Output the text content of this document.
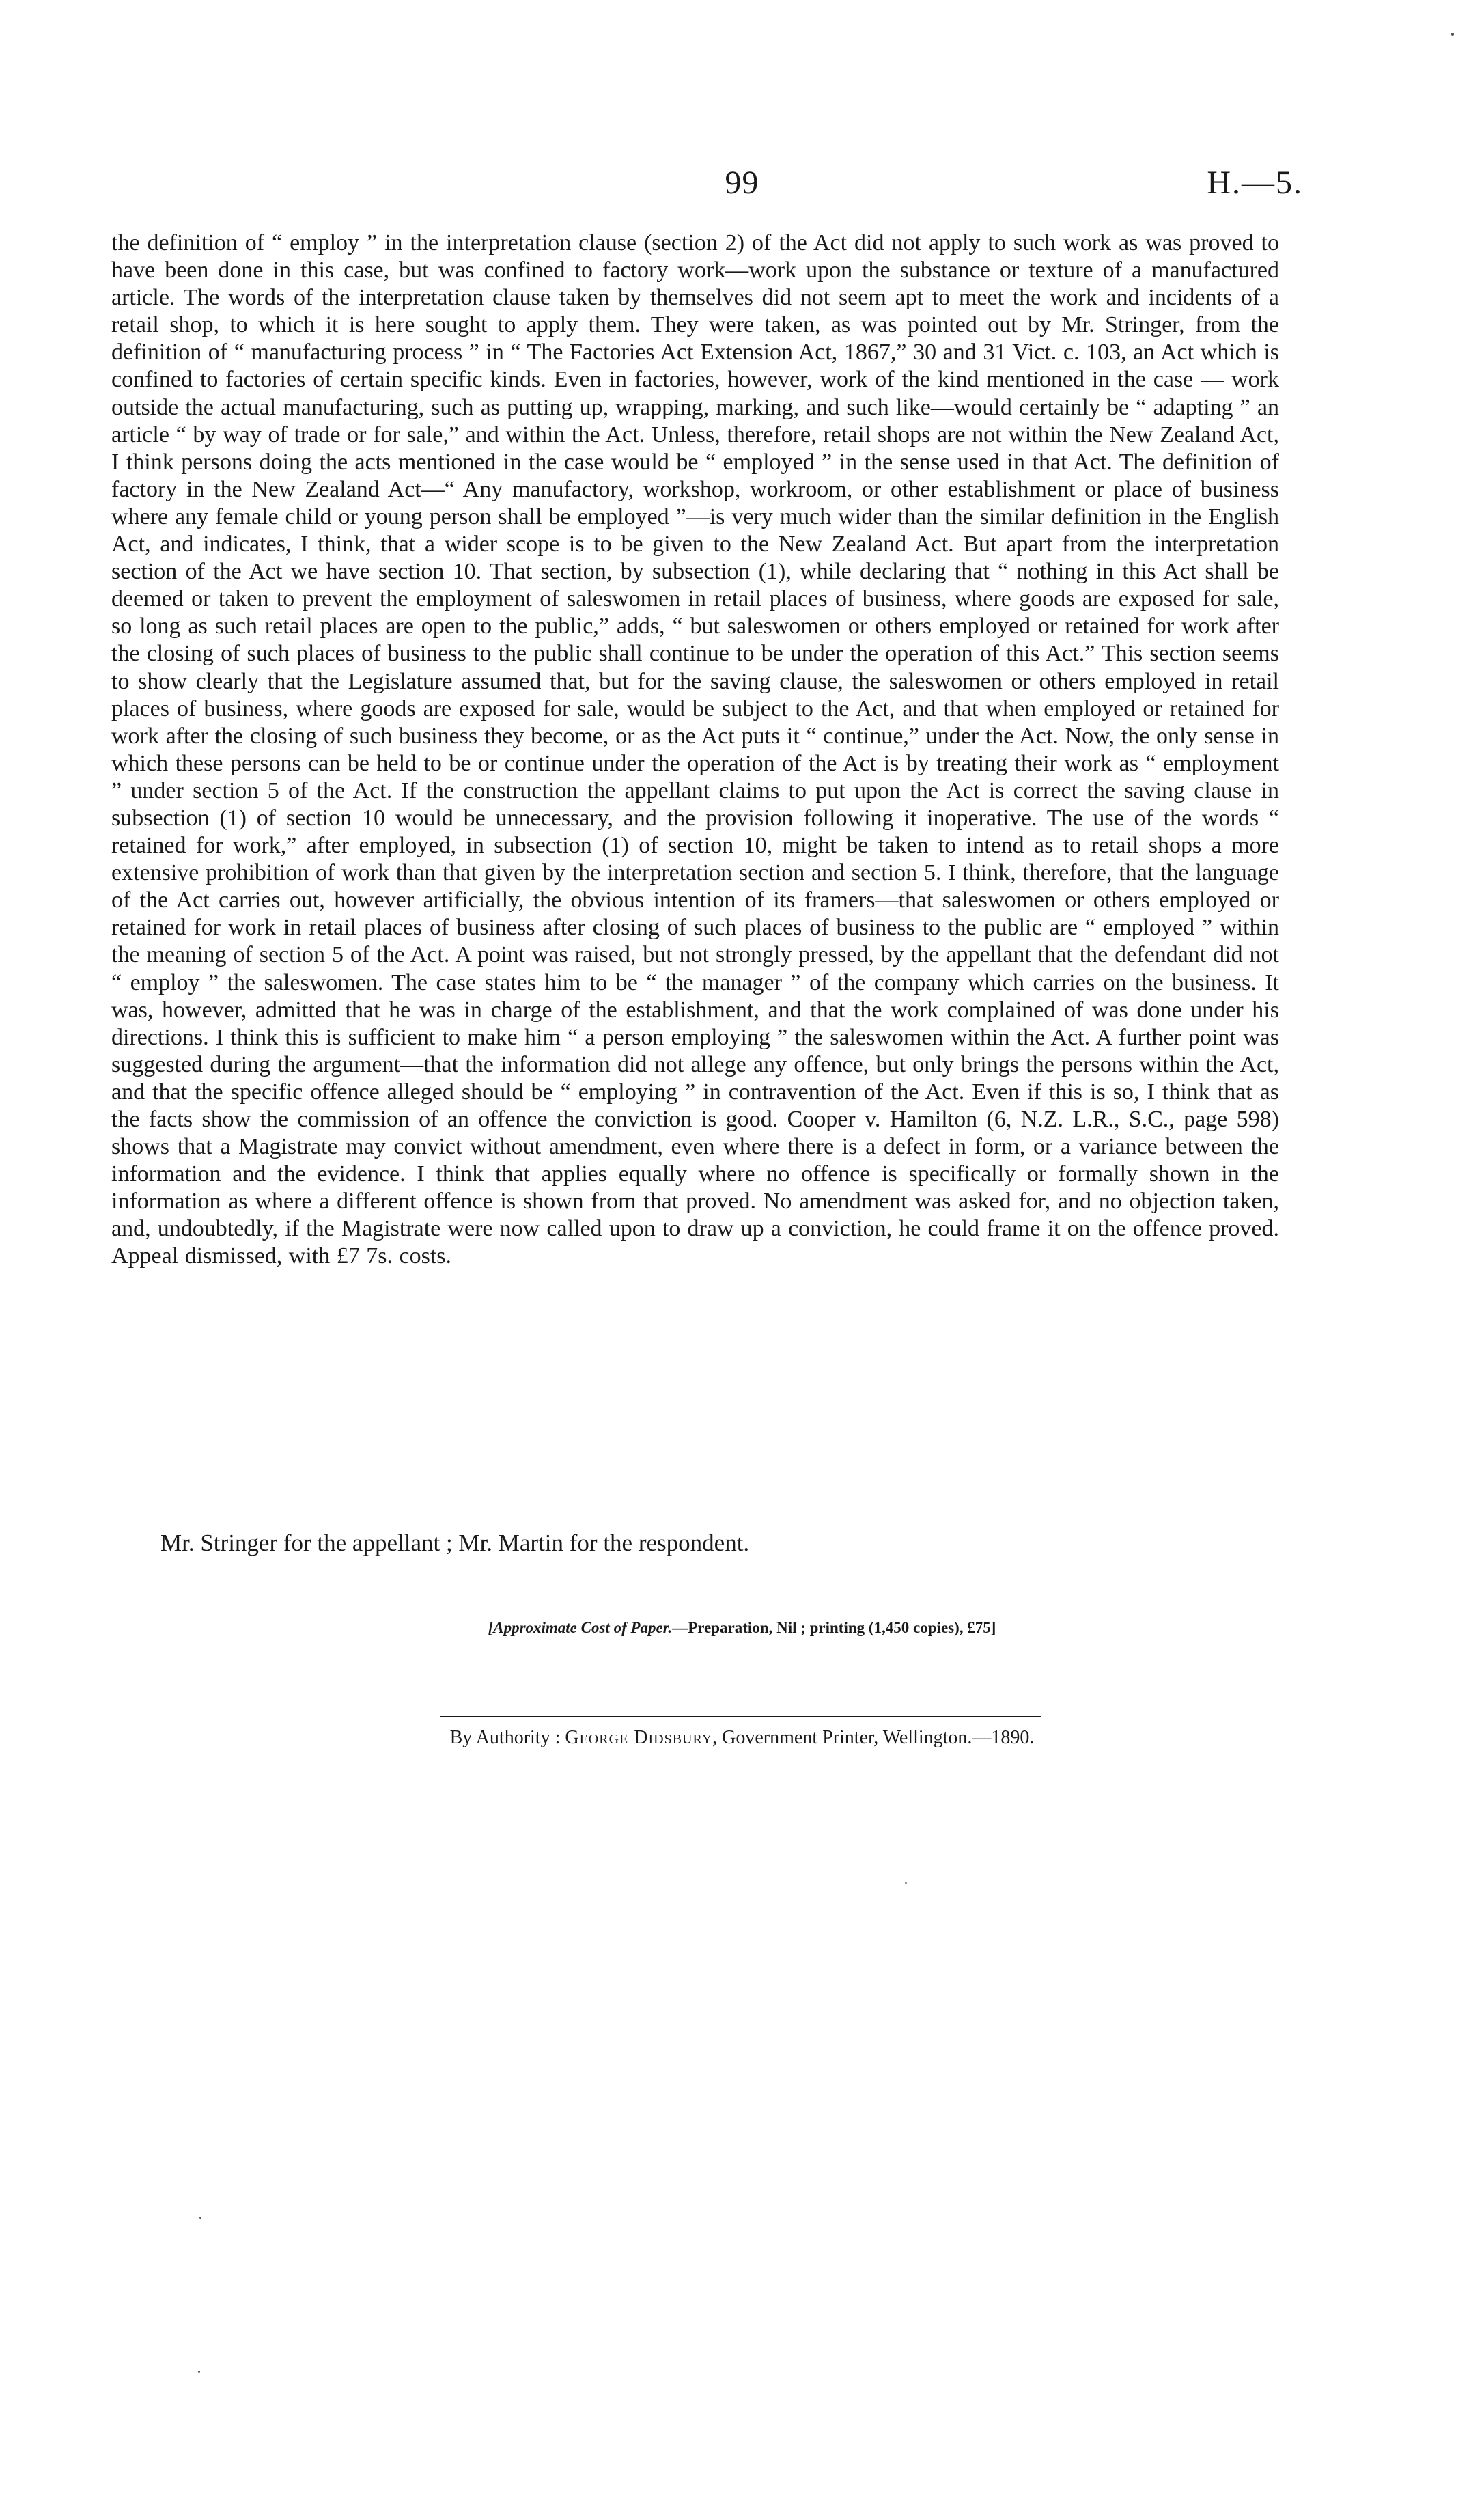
99	H.—5.

the definition of “ employ ” in the interpretation clause (section 2) of the Act did not apply to such work as was proved to have been done in this case, but was confined to factory work—work upon the substance or texture of a manufactured article. The words of the interpretation clause taken by themselves did not seem apt to meet the work and incidents of a retail shop, to which it is here sought to apply them. They were taken, as was pointed out by Mr. Stringer, from the definition of “ manufacturing process ” in “ The Factories Act Extension Act, 1867,” 30 and 31 Vict. c. 103, an Act which is confined to factories of certain specific kinds. Even in factories, however, work of the kind mentioned in the case — work outside the actual manufacturing, such as putting up, wrapping, marking, and such like—would certainly be “ adapting ” an article “ by way of trade or for sale,” and within the Act. Unless, therefore, retail shops are not within the New Zealand Act, I think persons doing the acts mentioned in the case would be “ employed ” in the sense used in that Act. The definition of factory in the New Zealand Act—“ Any manufactory, workshop, workroom, or other establishment or place of business where any female child or young person shall be employed ”—is very much wider than the similar definition in the English Act, and indicates, I think, that a wider scope is to be given to the New Zealand Act. But apart from the interpretation section of the Act we have section 10. That section, by subsection (1), while declaring that “ nothing in this Act shall be deemed or taken to prevent the employment of saleswomen in retail places of business, where goods are exposed for sale, so long as such retail places are open to the public,” adds, “ but saleswomen or others employed or retained for work after the closing of such places of business to the public shall continue to be under the operation of this Act.” This section seems to show clearly that the Legislature assumed that, but for the saving clause, the saleswomen or others employed in retail places of business, where goods are exposed for sale, would be subject to the Act, and that when employed or retained for work after the closing of such business they become, or as the Act puts it “ continue,” under the Act. Now, the only sense in which these persons can be held to be or continue under the operation of the Act is by treating their work as “ employment ” under section 5 of the Act. If the construction the appellant claims to put upon the Act is correct the saving clause in subsection (1) of section 10 would be unnecessary, and the provision following it inoperative. The use of the words “ retained for work,” after employed, in subsection (1) of section 10, might be taken to intend as to retail shops a more extensive prohibition of work than that given by the interpretation section and section 5. I think, therefore, that the language of the Act carries out, however artificially, the obvious intention of its framers—that saleswomen or others employed or retained for work in retail places of business after closing of such places of business to the public are “ employed ” within the meaning of section 5 of the Act. A point was raised, but not strongly pressed, by the appellant that the defendant did not “ employ ” the saleswomen. The case states him to be “ the manager ” of the company which carries on the business. It was, however, admitted that he was in charge of the establishment, and that the work complained of was done under his directions. I think this is sufficient to make him “ a person employing ” the saleswomen within the Act. A further point was suggested during the argument—that the information did not allege any offence, but only brings the persons within the Act, and that the specific offence alleged should be “ employing ” in contravention of the Act. Even if this is so, I think that as the facts show the commission of an offence the conviction is good. Cooper v. Hamilton (6, N.Z. L.R., S.C., page 598) shows that a Magistrate may convict without amendment, even where there is a defect in form, or a variance between the information and the evidence. I think that applies equally where no offence is specifically or formally shown in the information as where a different offence is shown from that proved. No amendment was asked for, and no objection taken, and, undoubtedly, if the Magistrate were now called upon to draw up a conviction, he could frame it on the offence proved. Appeal dismissed, with £7 7s. costs.

Mr. Stringer for the appellant ; Mr. Martin for the respondent.
[Approximate Cost of Paper.—Preparation, Nil ; printing (1,450 copies), £75]
By Authority : George Didsbury, Government Printer, Wellington.—1890.
